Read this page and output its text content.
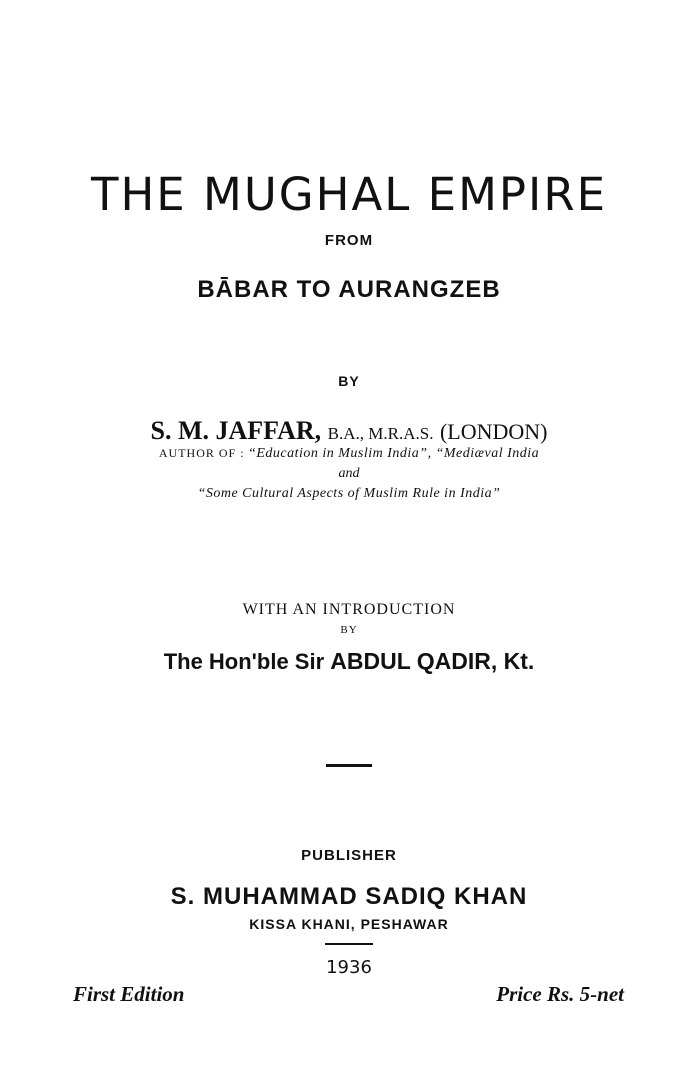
THE MUGHAL EMPIRE
FROM
BĀBAR TO AURANGZEB
BY
S. M. JAFFAR, B.A., M.R.A.S. (LONDON)
AUTHOR OF : “Education in Muslim India”, “Mediæval India
and
“Some Cultural Aspects of Muslim Rule in India”
WITH AN INTRODUCTION
BY
The Hon'ble Sir ABDUL QADIR, Kt.
PUBLISHER
S. MUHAMMAD SADIQ KHAN
KISSA KHANI, PESHAWAR
1936
First Edition	Price Rs. 5-net
